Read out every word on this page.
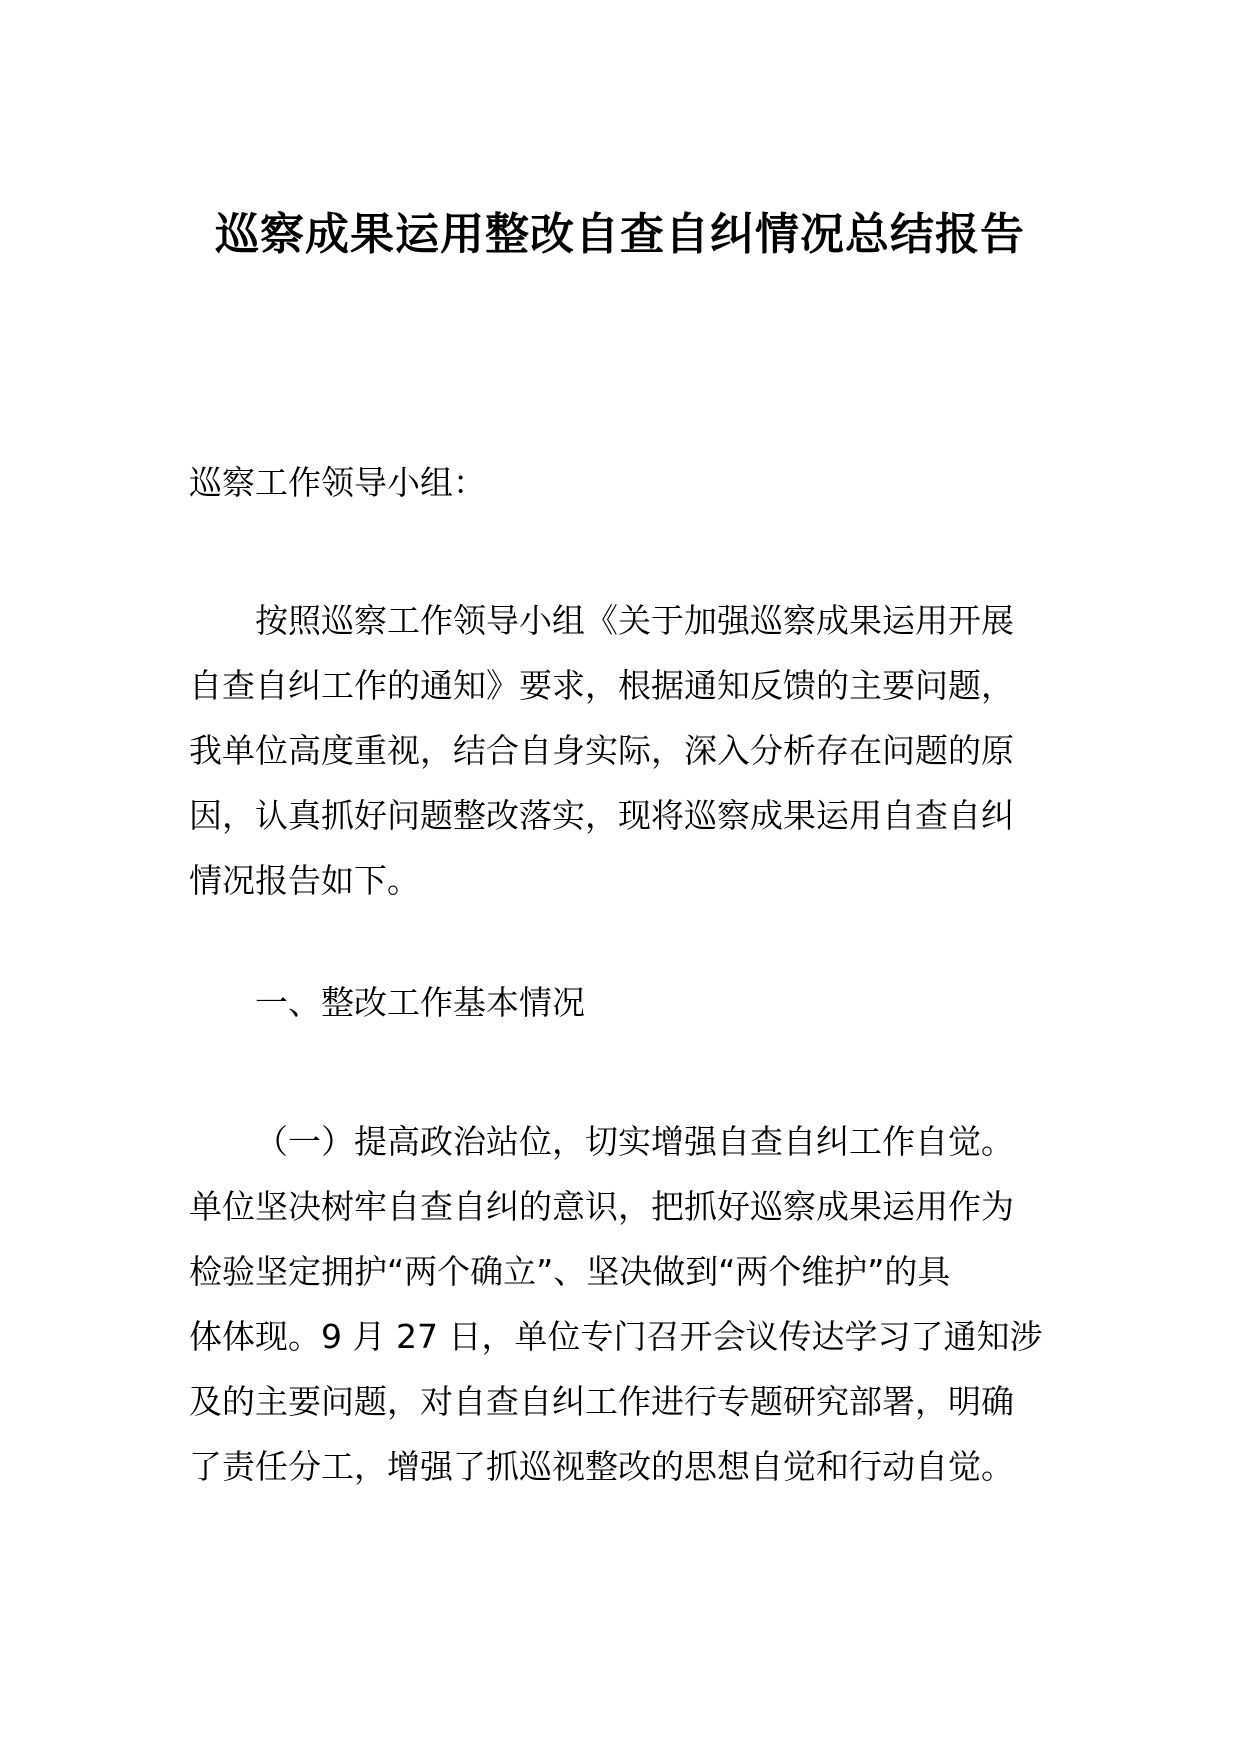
巡察成果运用整改自查自纠情况总结报告

巡察工作领导小组：

按照巡察工作领导小组《关于加强巡察成果运用开展
自查自纠工作的通知》要求，根据通知反馈的主要问题，
我单位高度重视，结合自身实际，深入分析存在问题的原
因，认真抓好问题整改落实，现将巡察成果运用自查自纠
情况报告如下。
一、整改工作基本情况
（一）提高政治站位，切实增强自查自纠工作自觉。
单位坚决树牢自查自纠的意识，把抓好巡察成果运用作为
检验坚定拥护“两个确立”、坚决做到“两个维护”的具
体体现。9 月 27 日，单位专门召开会议传达学习了通知涉
及的主要问题，对自查自纠工作进行专题研究部署，明确
了责任分工，增强了抓巡视整改的思想自觉和行动自觉。
